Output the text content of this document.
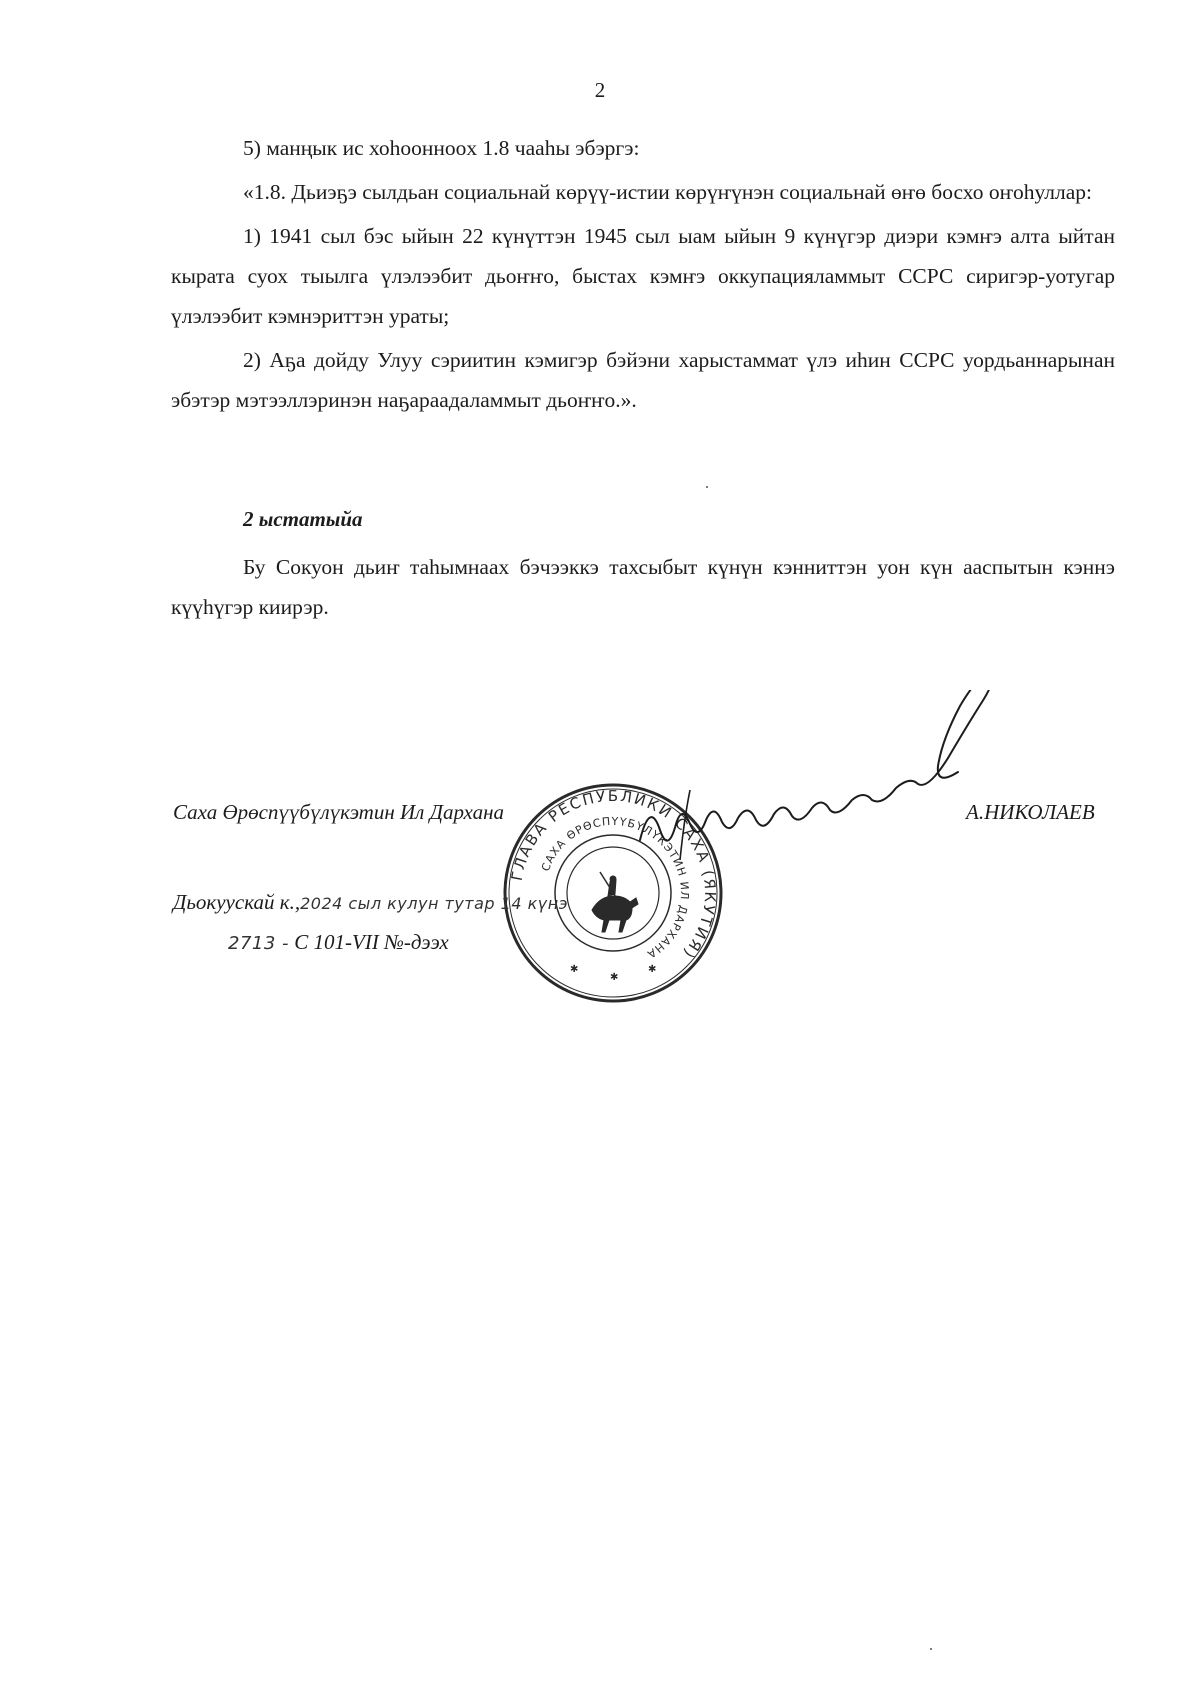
2

5) манңык ис хоһооннooх 1.8 чааһы эбэргэ:

«1.8. Дьиэҕэ сылдьан социальнай көрүү-истии көрүҥүнэн социальнай өҥө босхо оҥоһуллар:

1) 1941 сыл бэс ыйын 22 күнүттэн 1945 сыл ыам ыйын 9 күнүгэр диэри кэмҥэ алта ыйтан кырата суох тыылга үлэлээбит дьоҥҥо, быстах кэмҥэ оккупацияламмыт ССРС сиригэр-уотугар үлэлээбит кэмнэриттэн ураты;

2) Аҕа дойду Улуу сэриитин кэмигэр бэйэни харыстаммат үлэ иһин ССРС уордьаннарынан эбэтэр мэтээллэринэн наҕараадаламмыт дьоҥҥо.».

2 ыстатыйа

Бу Сокуон дьиҥ таһымнаах бэчээккэ тахсыбыт күнүн кэнниттэн уон күн ааспытын кэннэ күүһүгэр киирэр.

ГЛАВА РЕСПУБЛИКИ САХА (ЯКУТИЯ)
САХА ӨРӨСПҮҮБҮЛҮКЭТИН ИЛ ДАРХАНА
✱
✱
✱
Саха Өрөспүүбүлүкэтин Ил Дархана	А.НИКОЛАЕВ
Дьокуускай к.,2024 сыл кулун тутар 14 күнэ
2713 - С 101-VII №-дээх
